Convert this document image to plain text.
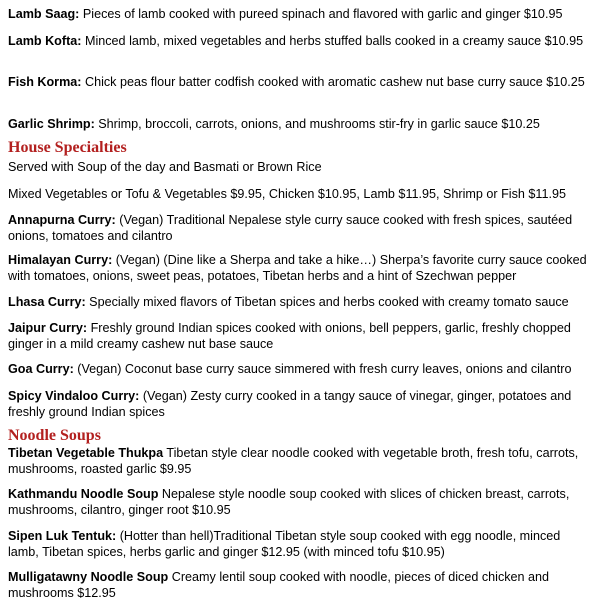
Lamb Saag: Pieces of lamb cooked with pureed spinach and flavored with garlic and ginger $10.95
Lamb Kofta: Minced lamb, mixed vegetables and herbs stuffed balls cooked in a creamy sauce $10.95
Fish Korma: Chick peas flour batter codfish cooked with aromatic cashew nut base curry sauce $10.25
Garlic Shrimp: Shrimp, broccoli, carrots, onions, and mushrooms stir-fry in garlic sauce $10.25
House Specialties
Served with Soup of the day and Basmati or Brown Rice
Mixed Vegetables or Tofu & Vegetables $9.95, Chicken $10.95, Lamb $11.95, Shrimp or Fish $11.95
Annapurna Curry: (Vegan) Traditional Nepalese style curry sauce cooked with fresh spices, sautéed onions, tomatoes and cilantro
Himalayan Curry: (Vegan) (Dine like a Sherpa and take a hike…) Sherpa’s favorite curry sauce cooked with tomatoes, onions, sweet peas, potatoes, Tibetan herbs and a hint of Szechwan pepper
Lhasa Curry: Specially mixed flavors of Tibetan spices and herbs cooked with creamy tomato sauce
Jaipur Curry: Freshly ground Indian spices cooked with onions, bell peppers, garlic, freshly chopped ginger in a mild creamy cashew nut base sauce
Goa Curry: (Vegan) Coconut base curry sauce simmered with fresh curry leaves, onions and cilantro
Spicy Vindaloo Curry: (Vegan) Zesty curry cooked in a tangy sauce of vinegar, ginger, potatoes and freshly ground Indian spices
Noodle Soups
Tibetan Vegetable Thukpa Tibetan style clear noodle cooked with vegetable broth, fresh tofu, carrots, mushrooms, roasted garlic $9.95
Kathmandu Noodle Soup Nepalese style noodle soup cooked with slices of chicken breast, carrots, mushrooms, cilantro, ginger root $10.95
Sipen Luk Tentuk: (Hotter than hell)Traditional Tibetan style soup cooked with egg noodle, minced lamb, Tibetan spices, herbs garlic and ginger $12.95 (with minced tofu $10.95)
Mulligatawny Noodle Soup Creamy lentil soup cooked with noodle, pieces of diced chicken and mushrooms $12.95
